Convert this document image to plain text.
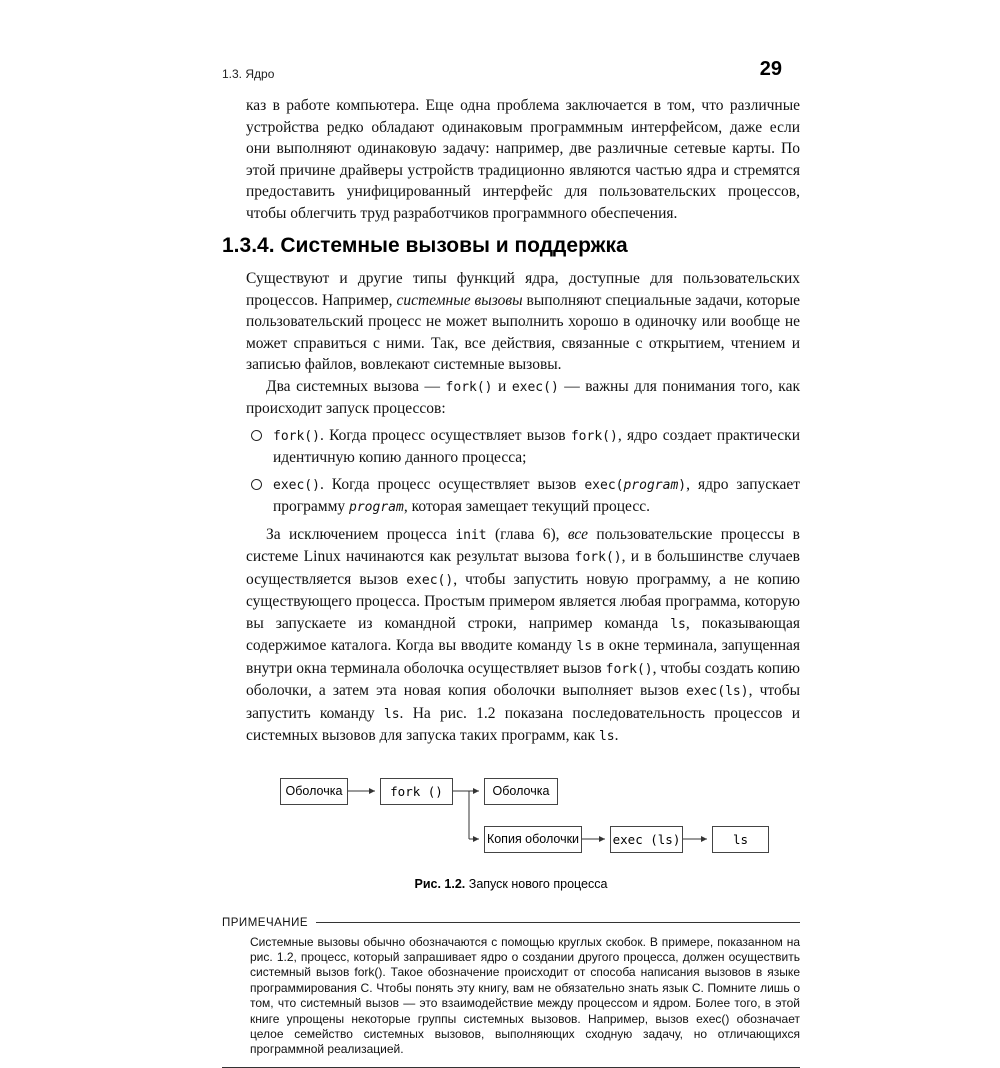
1.3. Ядро	29

каз в работе компьютера. Еще одна проблема заключается в том, что различные устройства редко обладают одинаковым программным интерфейсом, даже если они выполняют одинаковую задачу: например, две различные сетевые карты. По этой причине драйверы устройств традиционно являются частью ядра и стремятся предоставить унифицированный интерфейс для пользовательских процессов, чтобы облегчить труд разработчиков программного обеспечения.

1.3.4. Системные вызовы и поддержка

Существуют и другие типы функций ядра, доступные для пользовательских процессов. Например, системные вызовы выполняют специальные задачи, которые пользовательский процесс не может выполнить хорошо в одиночку или вообще не может справиться с ними. Так, все действия, связанные с открытием, чтением и записью файлов, вовлекают системные вызовы.

Два системных вызова — fork() и exec() — важны для понимания того, как происходит запуск процессов:

fork(). Когда процесс осуществляет вызов fork(), ядро создает практически идентичную копию данного процесса;
exec(). Когда процесс осуществляет вызов exec(program), ядро запускает программу program, которая замещает текущий процесс.

За исключением процесса init (глава 6), все пользовательские процессы в системе Linux начинаются как результат вызова fork(), и в большинстве случаев осуществляется вызов exec(), чтобы запустить новую программу, а не копию существующего процесса. Простым примером является любая программа, которую вы запускаете из командной строки, например команда ls, показывающая содержимое каталога. Когда вы вводите команду ls в окне терминала, запущенная внутри окна терминала оболочка осуществляет вызов fork(), чтобы создать копию оболочки, а затем эта новая копия оболочки выполняет вызов exec(ls), чтобы запустить команду ls. На рис. 1.2 показана последовательность процессов и системных вызовов для запуска таких программ, как ls.

Оболочка	fork ()	Оболочка
Копия оболочки	exec (ls)	ls
Рис. 1.2. Запуск нового процесса
ПРИМЕЧАНИЕ

Системные вызовы обычно обозначаются с помощью круглых скобок. В примере, показанном на рис. 1.2, процесс, который запрашивает ядро о создании другого процесса, должен осуществить системный вызов fork(). Такое обозначение происходит от способа написания вызовов в языке программирования С. Чтобы понять эту книгу, вам не обязательно знать язык С. Помните лишь о том, что системный вызов — это взаимодействие между процессом и ядром. Более того, в этой книге упрощены некоторые группы системных вызовов. Например, вызов exec() обозначает целое семейство системных вызовов, выполняющих сходную задачу, но отличающихся программной реализацией.
